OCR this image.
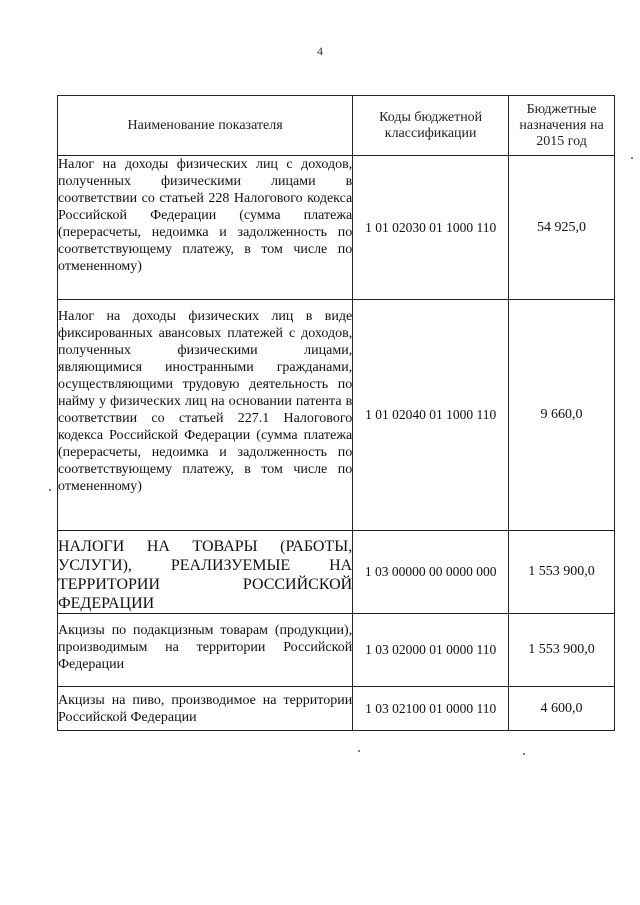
4
Наименование показателя	Коды бюджетной классификации	Бюджетные назначения на 2015 год
Налог на доходы физических лиц с доходов, полученных физическими лицами в соответствии со статьей 228 Налогового кодекса Российской Федерации (сумма платежа (перерасчеты, недоимка и задолженность по соответствующему платежу, в том числе по отмененному)	1 01 02030 01 1000 110	54 925,0
Налог на доходы физических лиц в виде фиксированных авансовых платежей с доходов, полученных физическими лицами, являющимися иностранными гражданами, осуществляющими трудовую деятельность по найму у физических лиц на основании патента в соответствии со статьей 227.1 Налогового кодекса Российской Федерации (сумма платежа (перерасчеты, недоимка и задолженность по соответствующему платежу, в том числе по отмененному)	1 01 02040 01 1000 110	9 660,0
НАЛОГИ НА ТОВАРЫ (РАБОТЫ, УСЛУГИ), РЕАЛИЗУЕМЫЕ НА ТЕРРИТОРИИ РОССИЙСКОЙ ФЕДЕРАЦИИ	1 03 00000 00 0000 000	1 553 900,0
Акцизы по подакцизным товарам (продукции), производимым на территории Российской Федерации	1 03 02000 01 0000 110	1 553 900,0
Акцизы на пиво, производимое на территории Российской Федерации	1 03 02100 01 0000 110	4 600,0
